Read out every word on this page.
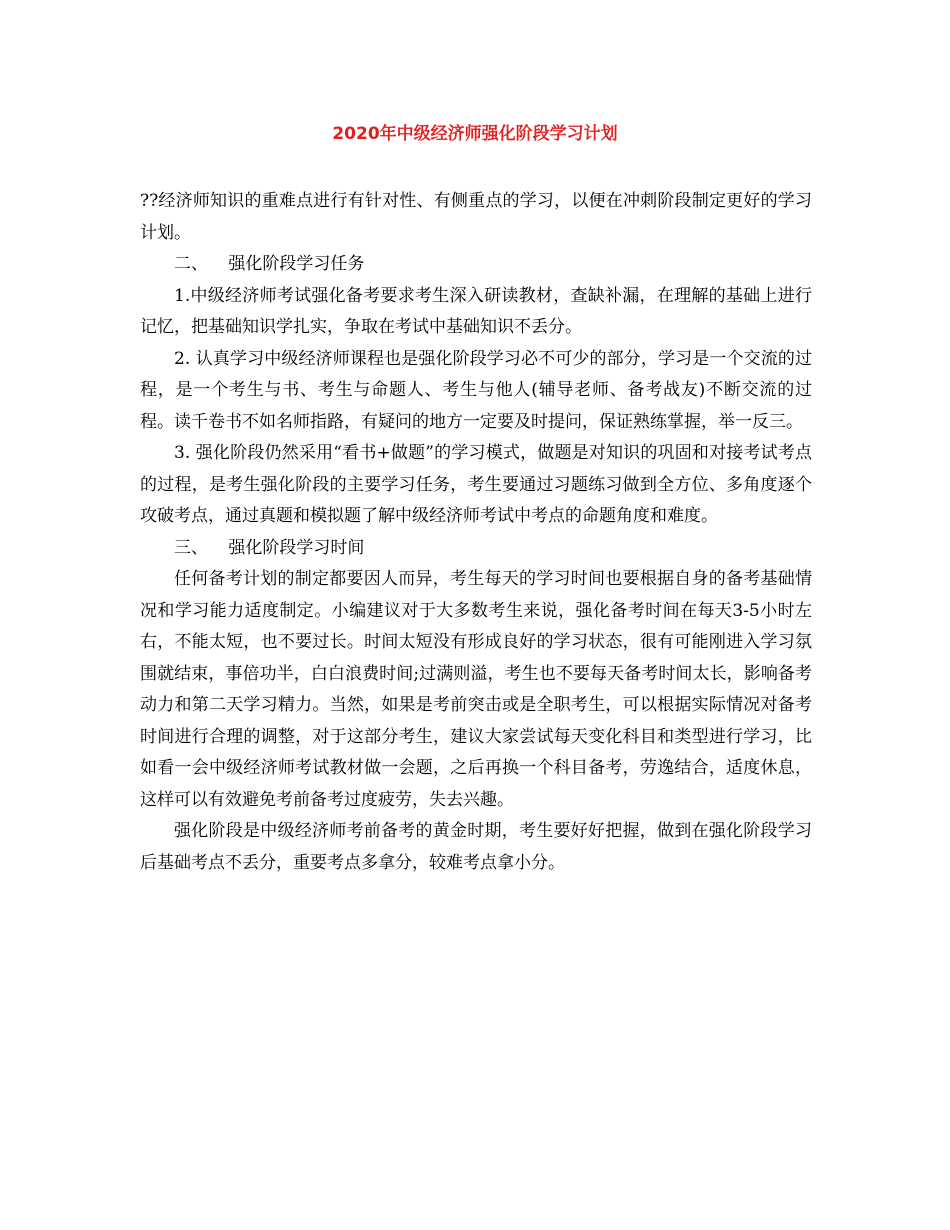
2020年中级经济师强化阶段学习计划

??经济师知识的重难点进行有针对性、有侧重点的学习，以便在冲刺阶段制定更好的学习计划。

二、 强化阶段学习任务

1.中级经济师考试强化备考要求考生深入研读教材，查缺补漏，在理解的基础上进行记忆，把基础知识学扎实，争取在考试中基础知识不丢分。

2. 认真学习中级经济师课程也是强化阶段学习必不可少的部分，学习是一个交流的过程，是一个考生与书、考生与命题人、考生与他人(辅导老师、备考战友)不断交流的过程。读千卷书不如名师指路，有疑问的地方一定要及时提问，保证熟练掌握，举一反三。

3. 强化阶段仍然采用“看书+做题”的学习模式，做题是对知识的巩固和对接考试考点的过程，是考生强化阶段的主要学习任务，考生要通过习题练习做到全方位、多角度逐个攻破考点，通过真题和模拟题了解中级经济师考试中考点的命题角度和难度。

三、 强化阶段学习时间

任何备考计划的制定都要因人而异，考生每天的学习时间也要根据自身的备考基础情况和学习能力适度制定。小编建议对于大多数考生来说，强化备考时间在每天3-5小时左右，不能太短，也不要过长。时间太短没有形成良好的学习状态，很有可能刚进入学习氛围就结束，事倍功半，白白浪费时间;过满则溢，考生也不要每天备考时间太长，影响备考动力和第二天学习精力。当然，如果是考前突击或是全职考生，可以根据实际情况对备考时间进行合理的调整，对于这部分考生，建议大家尝试每天变化科目和类型进行学习，比如看一会中级经济师考试教材做一会题，之后再换一个科目备考，劳逸结合，适度休息，这样可以有效避免考前备考过度疲劳，失去兴趣。

强化阶段是中级经济师考前备考的黄金时期，考生要好好把握，做到在强化阶段学习后基础考点不丢分，重要考点多拿分，较难考点拿小分。
